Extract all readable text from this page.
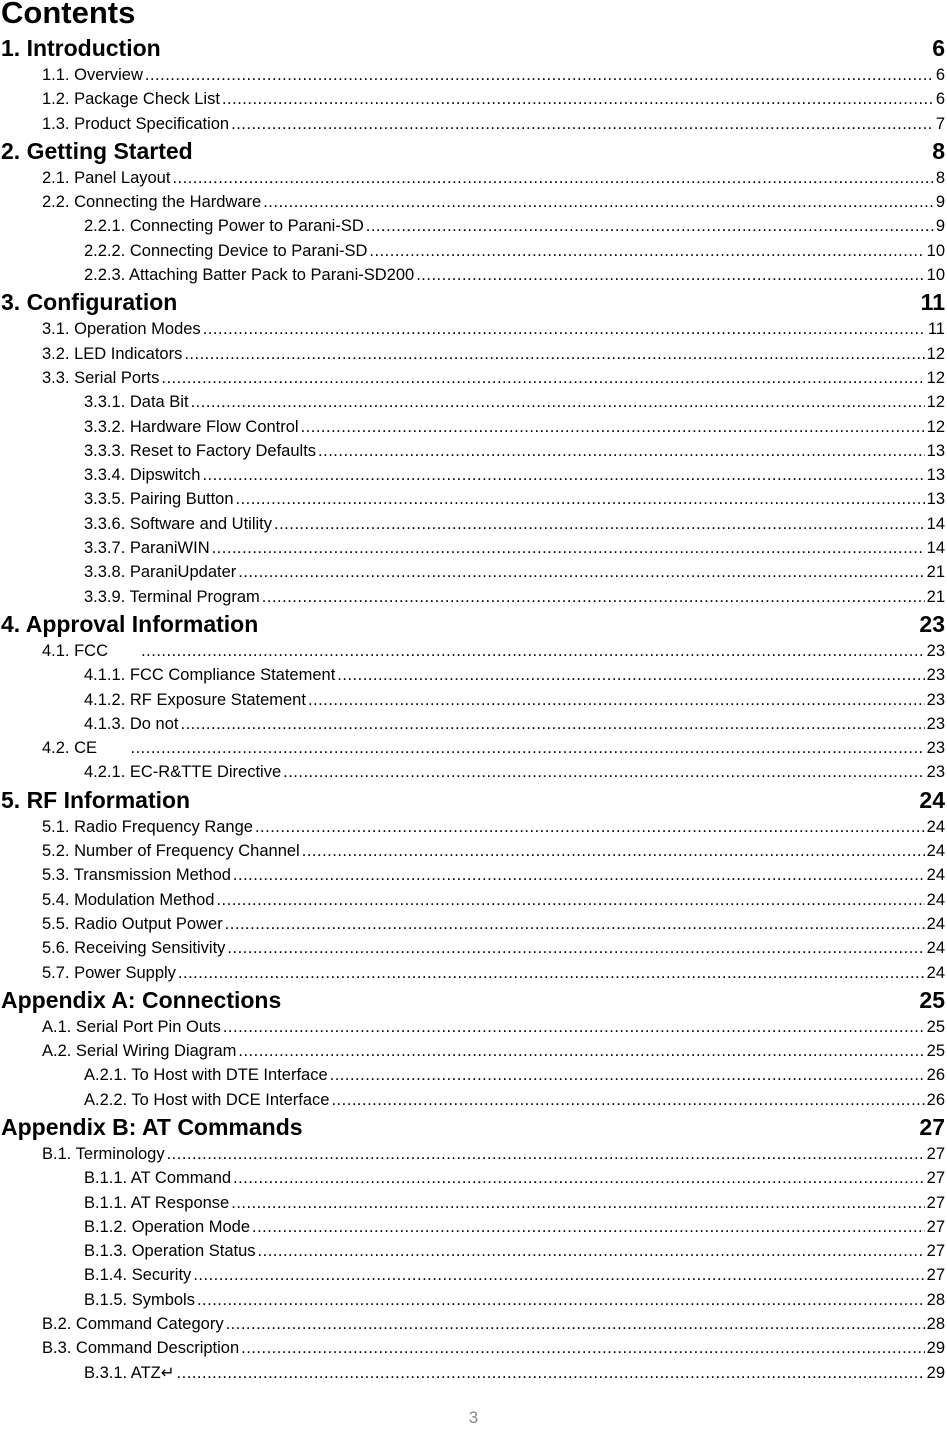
Contents
1. Introduction	6
1.1. Overview .....	6
1.2. Package Check List .....	6
1.3. Product Specification .....	7
2. Getting Started	8
2.1. Panel Layout .....	8
2.2. Connecting the Hardware .....	9
2.2.1. Connecting Power to Parani-SD .....	9
2.2.2. Connecting Device to Parani-SD .....	10
2.2.3. Attaching Batter Pack to Parani-SD200 .....	10
3. Configuration	11
3.1. Operation Modes .....	11
3.2. LED Indicators .....	12
3.3. Serial Ports .....	12
3.3.1. Data Bit .....	12
3.3.2. Hardware Flow Control .....	12
3.3.3. Reset to Factory Defaults .....	13
3.3.4. Dipswitch .....	13
3.3.5. Pairing Button .....	13
3.3.6. Software and Utility .....	14
3.3.7. ParaniWIN .....	14
3.3.8. ParaniUpdater .....	21
3.3.9. Terminal Program .....	21
4. Approval Information	23
4.1. FCC .....	23
4.1.1. FCC Compliance Statement .....	23
4.1.2. RF Exposure Statement .....	23
4.1.3. Do not .....	23
4.2. CE .....	23
4.2.1. EC-R&TTE Directive .....	23
5. RF Information	24
5.1. Radio Frequency Range .....	24
5.2. Number of Frequency Channel .....	24
5.3. Transmission Method .....	24
5.4. Modulation Method .....	24
5.5. Radio Output Power .....	24
5.6. Receiving Sensitivity .....	24
5.7. Power Supply .....	24
Appendix A: Connections	25
A.1. Serial Port Pin Outs .....	25
A.2. Serial Wiring Diagram .....	25
A.2.1. To Host with DTE Interface .....	26
A.2.2. To Host with DCE Interface .....	26
Appendix B: AT Commands	27
B.1. Terminology .....	27
B.1.1. AT Command .....	27
B.1.1. AT Response .....	27
B.1.2. Operation Mode .....	27
B.1.3. Operation Status .....	27
B.1.4. Security .....	27
B.1.5. Symbols .....	28
B.2. Command Category .....	28
B.3. Command Description .....	29
B.3.1. ATZ↵ .....	29
3
